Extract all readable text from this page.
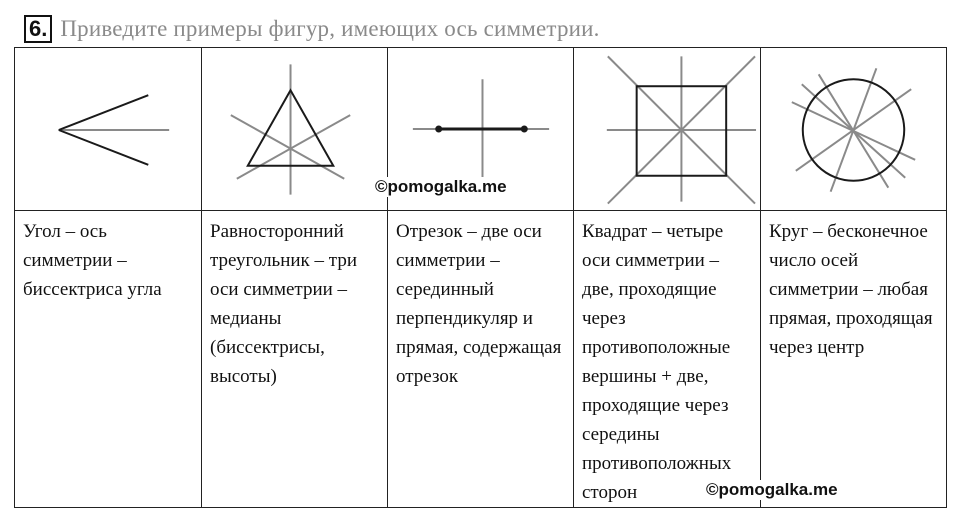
6. Приведите примеры фигур, имеющих ось симметрии.

Угол – ось симметрии – биссектриса угла	Равносторонний треугольник – три оси симметрии – медианы (биссектрисы, высоты)	Отрезок – две оси симметрии – серединный перпендикуляр и прямая, содержащая отрезок	Квадрат – четыре оси симметрии – две, проходящие через противоположные вершины + две, проходящие через середины противоположных сторон	Круг – бесконечное число осей симметрии – любая прямая, проходящая через центр
©pomogalka.me
©pomogalka.me
